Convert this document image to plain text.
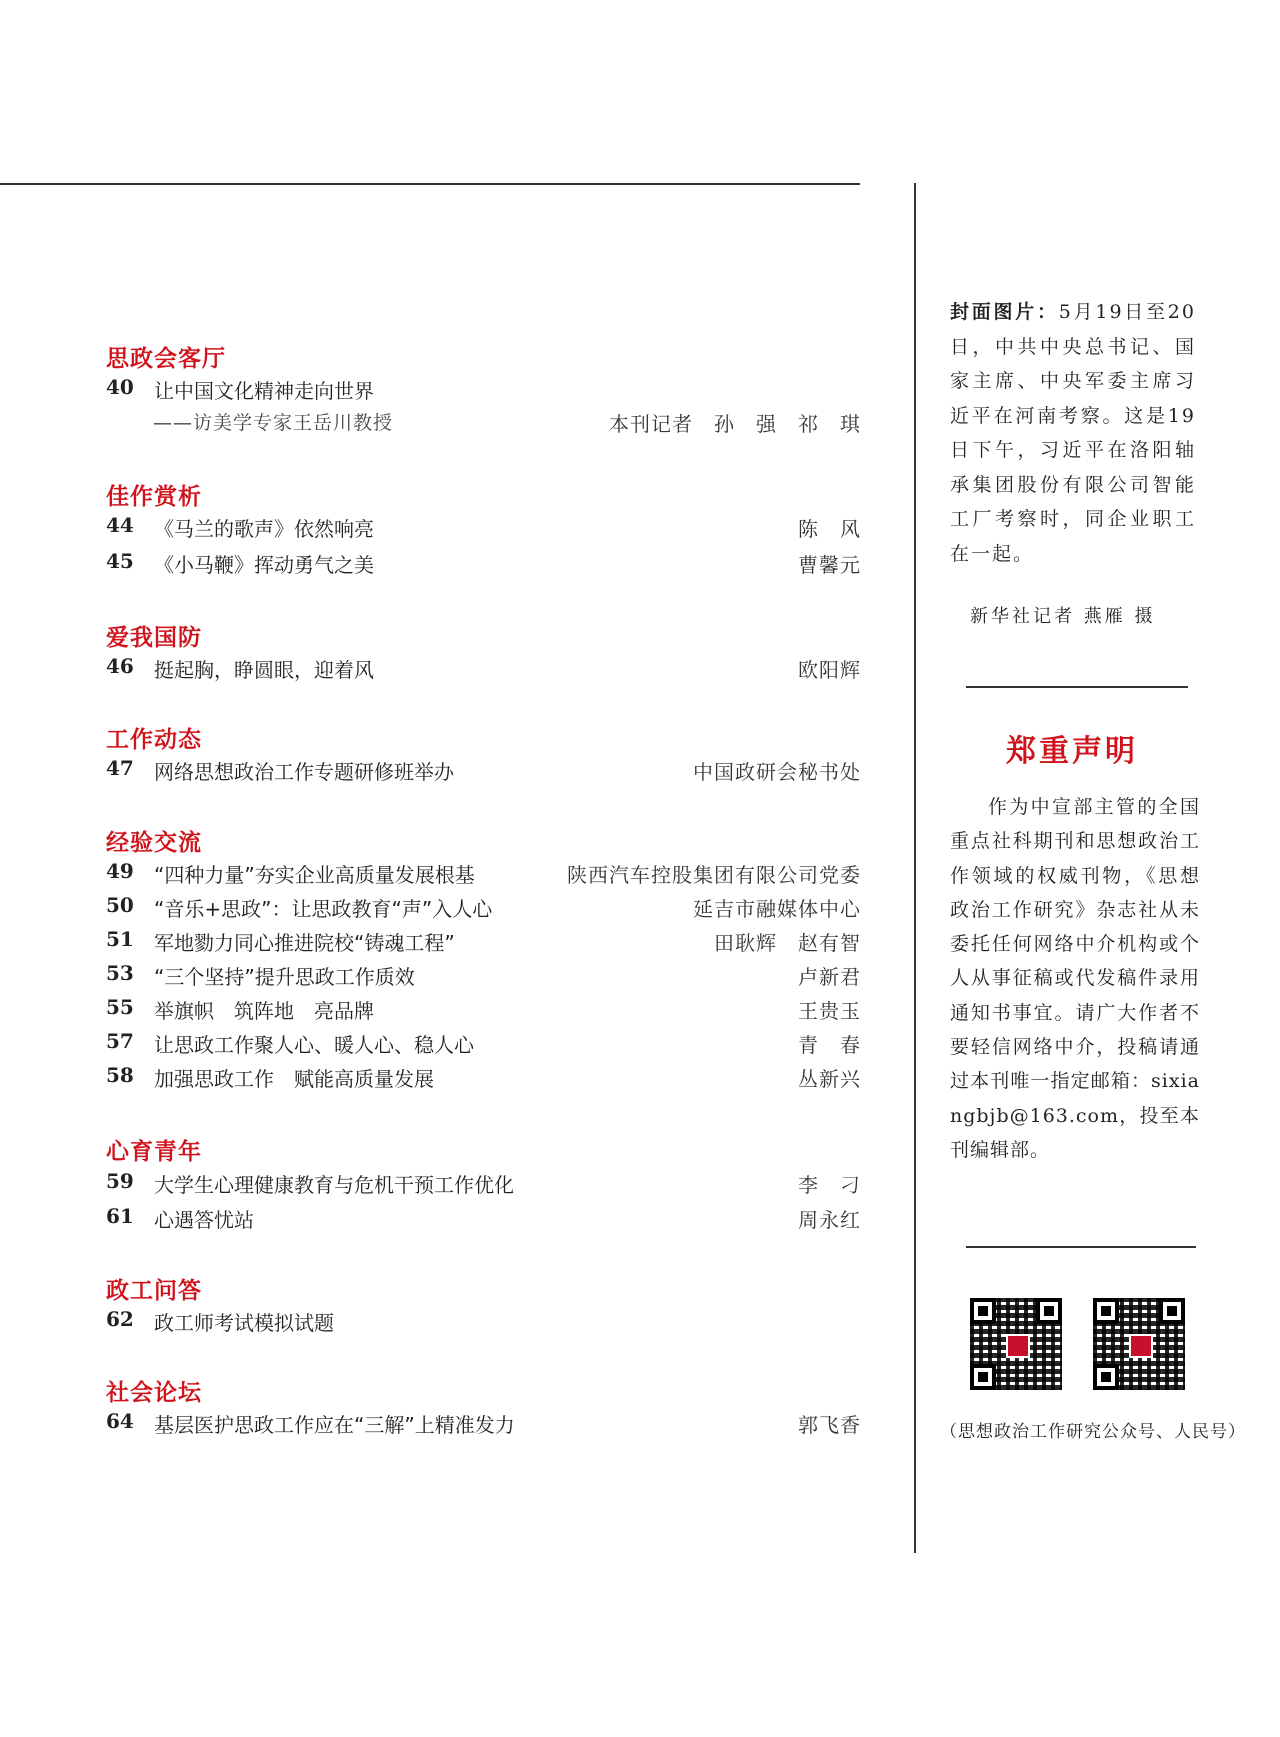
思政会客厅
40 让中国文化精神走向世界
——访美学专家王岳川教授	本刊记者　孙　强　祁　琪
佳作赏析
44 《马兰的歌声》依然响亮	陈　风
45 《小马鞭》挥动勇气之美	曹馨元
爱我国防
46 挺起胸，睁圆眼，迎着风	欧阳辉
工作动态
47 网络思想政治工作专题研修班举办	中国政研会秘书处
经验交流
49 “四种力量”夯实企业高质量发展根基	陕西汽车控股集团有限公司党委
50 “音乐+思政”：让思政教育“声”入人心	延吉市融媒体中心
51 军地勠力同心推进院校“铸魂工程”	田耿辉　赵有智
53 “三个坚持”提升思政工作质效	卢新君
55 举旗帜　筑阵地　亮品牌	王贵玉
57 让思政工作聚人心、暖人心、稳人心	青　春
58 加强思政工作　赋能高质量发展	丛新兴
心育青年
59 大学生心理健康教育与危机干预工作优化	李　刁
61 心遇答忧站	周永红
政工问答
62 政工师考试模拟试题
社会论坛
64 基层医护思政工作应在“三解”上精准发力	郭飞香
封面图片：5月19日至20日，中共中央总书记、国家主席、中央军委主席习近平在河南考察。这是19日下午，习近平在洛阳轴承集团股份有限公司智能工厂考察时，同企业职工在一起。
新华社记者 燕雁 摄
郑重声明
作为中宣部主管的全国重点社科期刊和思想政治工作领域的权威刊物，《思想政治工作研究》杂志社从未委托任何网络中介机构或个人从事征稿或代发稿件录用通知书事宜。请广大作者不要轻信网络中介，投稿请通过本刊唯一指定邮箱：sixiangbjb@163.com，投至本刊编辑部。
（思想政治工作研究公众号、人民号）
